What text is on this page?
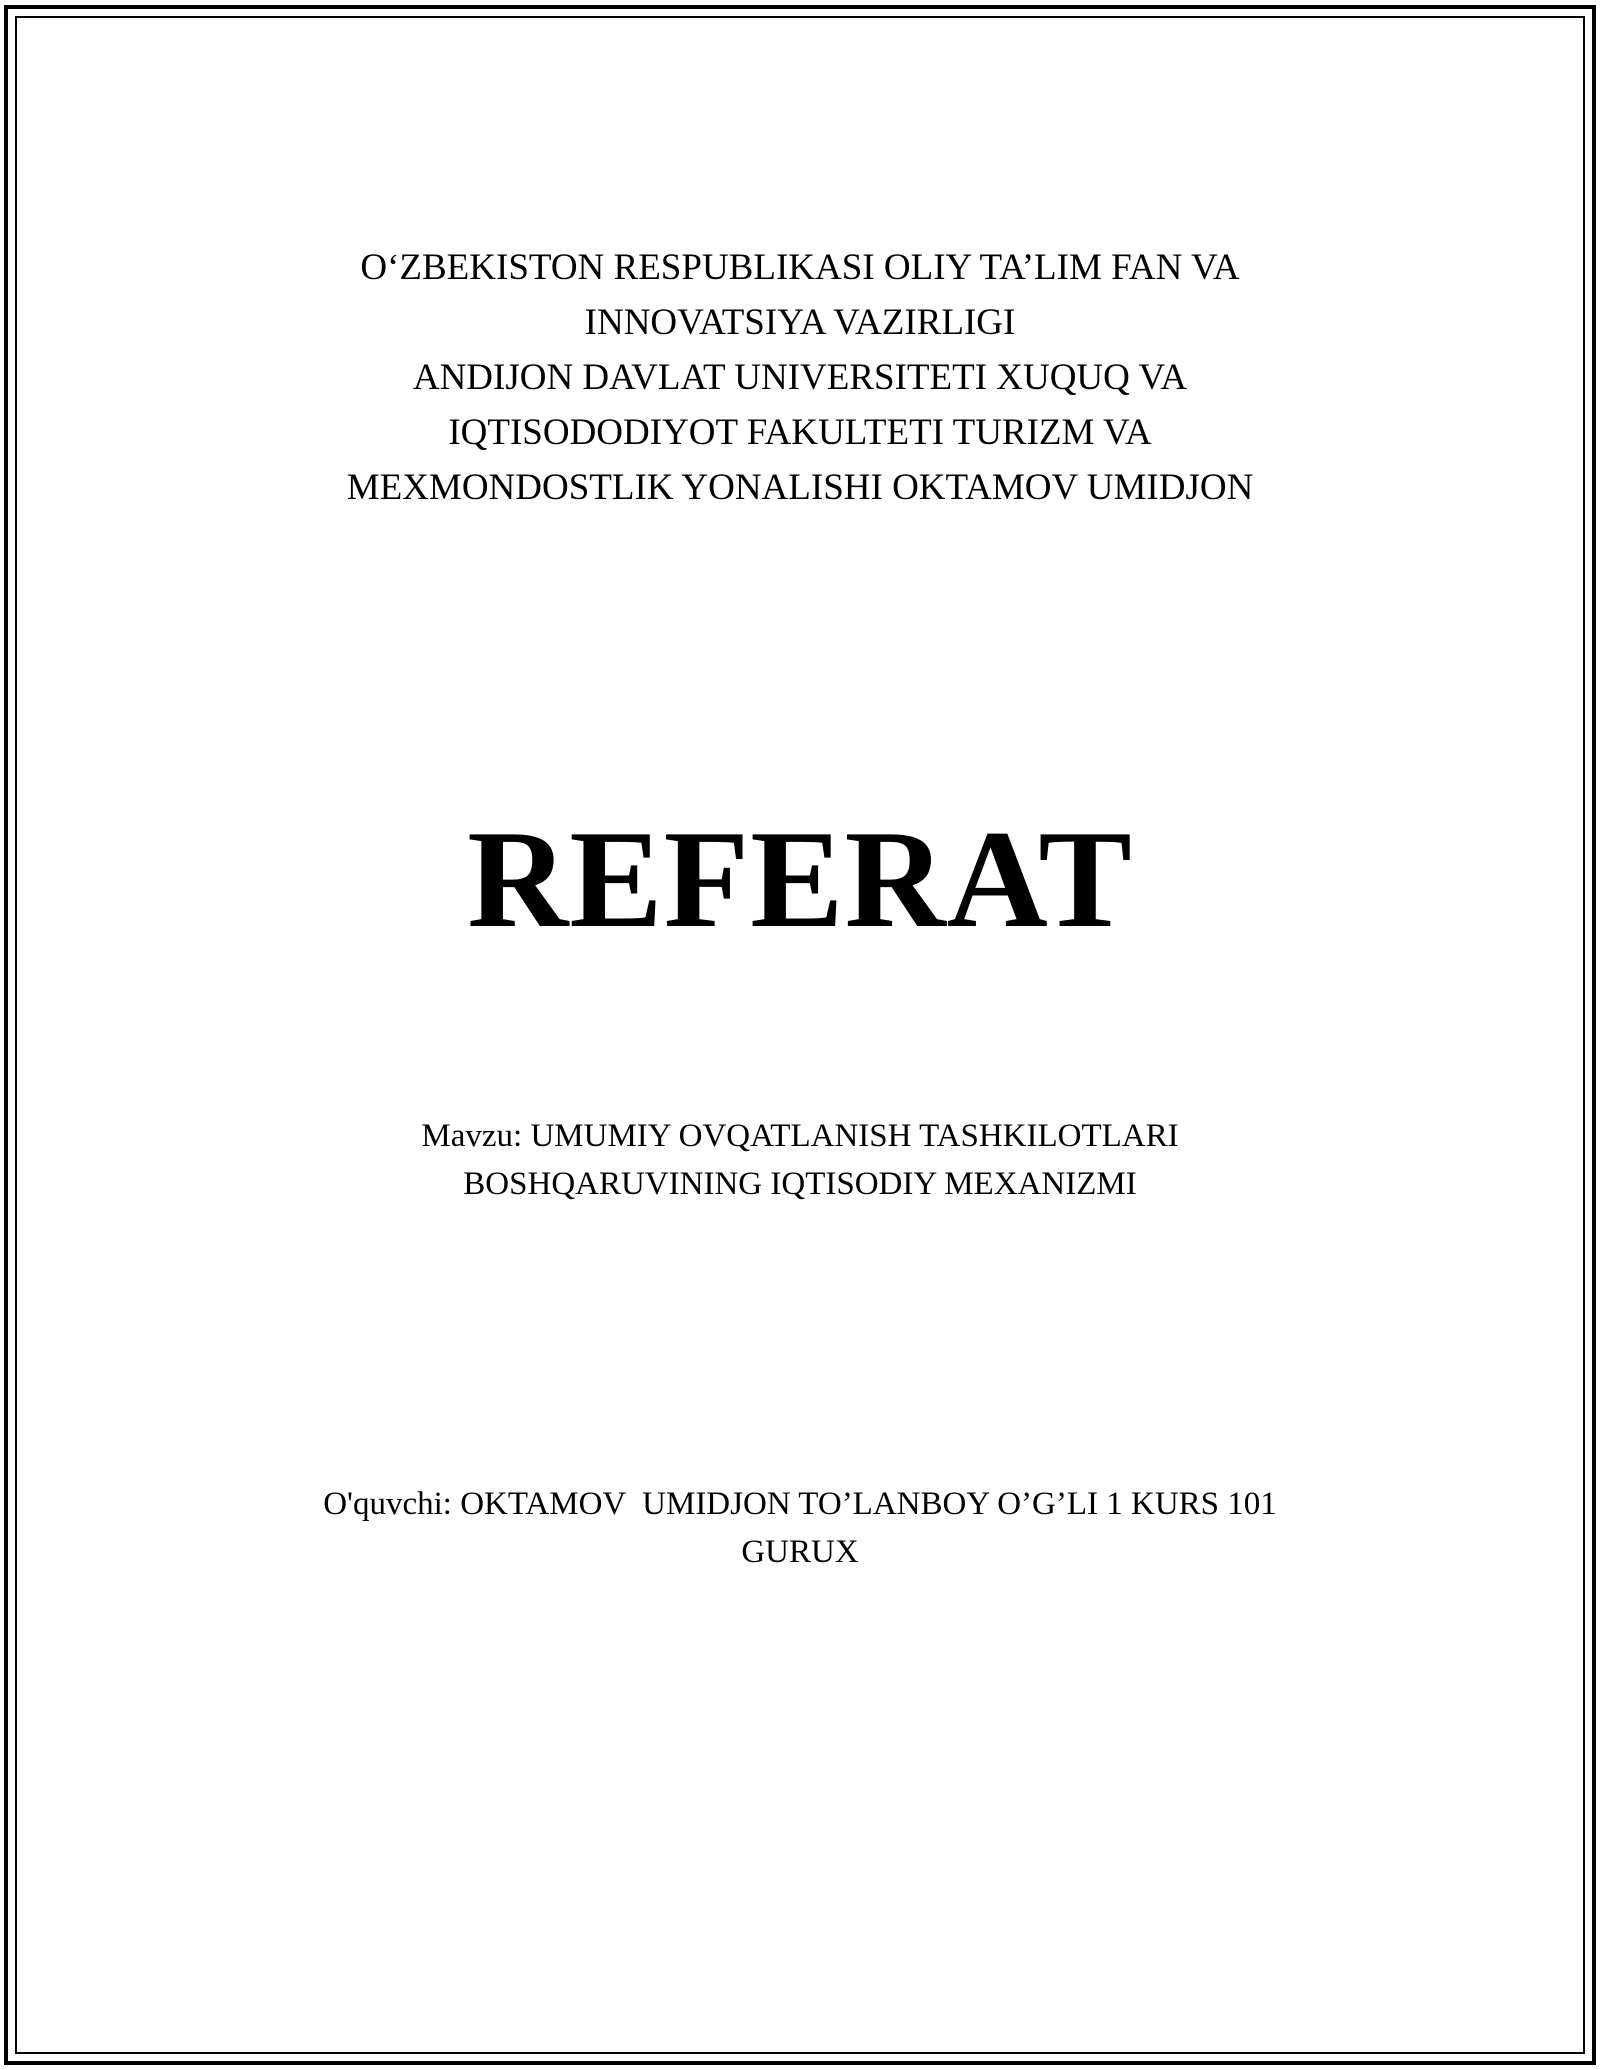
O‘ZBEKISTON RESPUBLIKASI OLIY TA’LIM FAN VA
INNOVATSIYA VAZIRLIGI
ANDIJON DAVLAT UNIVERSITETI XUQUQ VA
IQTISODODIYOT FAKULTETI TURIZM VA
MEXMONDOSTLIK YONALISHI OKTAMOV UMIDJON
REFERAT
Mavzu: UMUMIY OVQATLANISH TASHKILOTLARI
BOSHQARUVINING IQTISODIY MEXANIZMI
O'quvchi: OKTAMOV  UMIDJON TO’LANBOY O’G’LI 1 KURS 101
GURUX
